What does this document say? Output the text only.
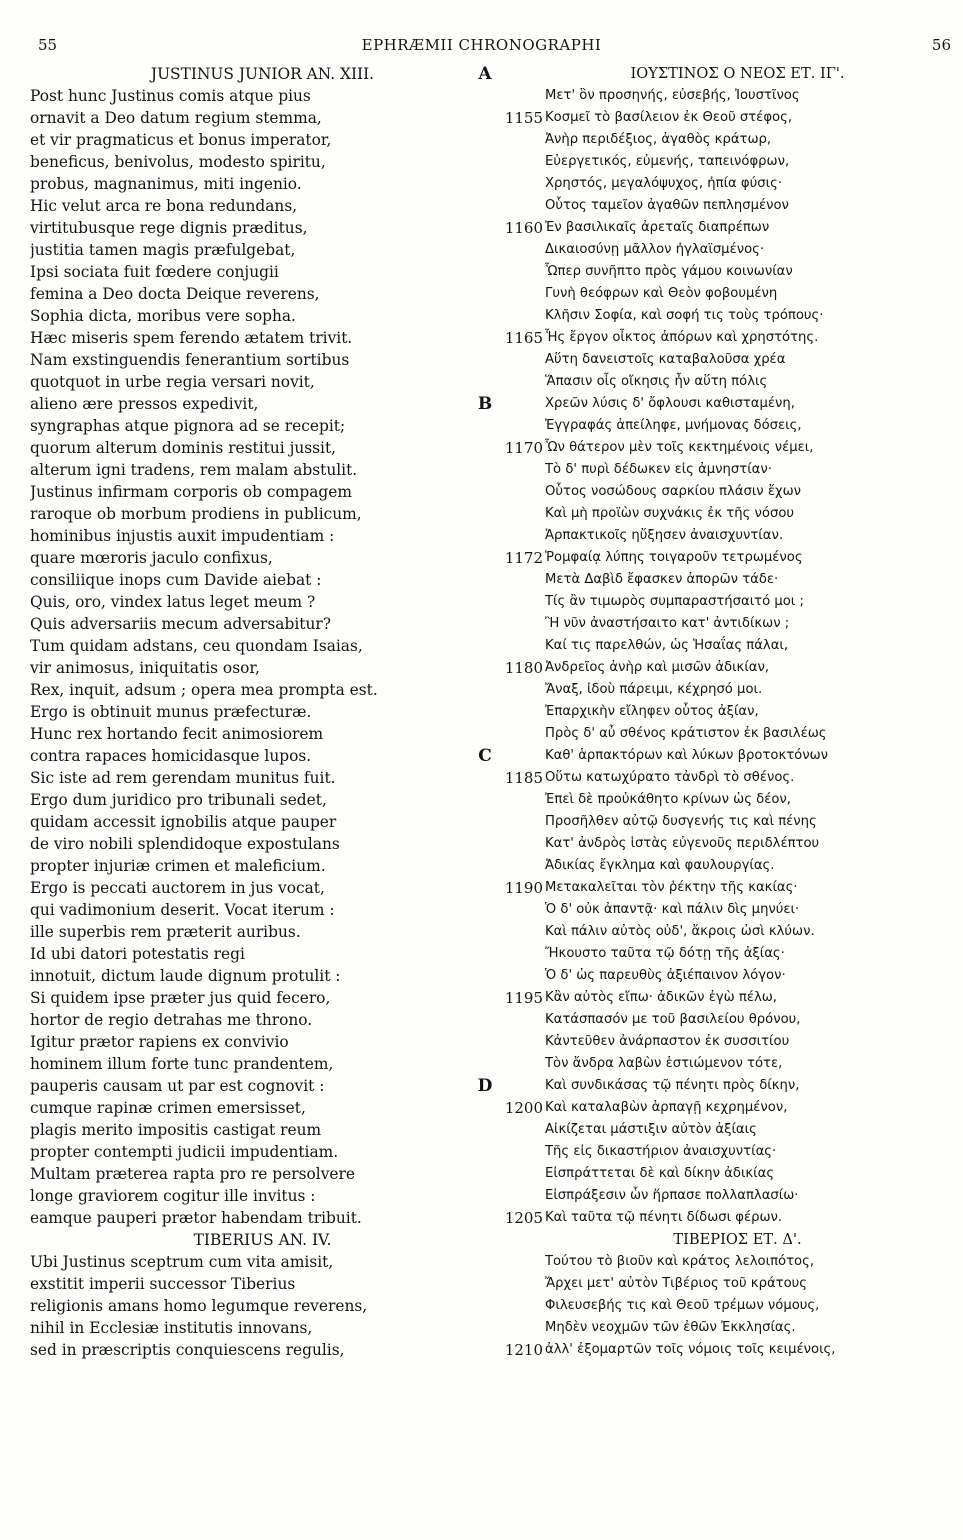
55	EPHRÆMII CHRONOGRAPHI	56
JUSTINUS JUNIOR AN. XIII.
Post hunc Justinus comis atque pius
ornavit a Deo datum regium stemma,
et vir pragmaticus et bonus imperator,
beneficus, benivolus, modesto spiritu,
probus, magnanimus, miti ingenio.
Hic velut arca re bona redundans,
virtitubusque rege dignis præditus,
justitia tamen magis præfulgebat,
Ipsi sociata fuit fœdere conjugii
femina a Deo docta Deique reverens,
Sophia dicta, moribus vere sopha.
Hæc miseris spem ferendo ætatem trivit.
Nam exstinguendis fenerantium sortibus
quotquot in urbe regia versari novit,
alieno ære pressos expedivit,
syngraphas atque pignora ad se recepit;
quorum alterum dominis restitui jussit,
alterum igni tradens, rem malam abstulit.
Justinus infirmam corporis ob compagem
raroque ob morbum prodiens in publicum,
hominibus injustis auxit impudentiam :
quare mœroris jaculo confixus,
consiliique inops cum Davide aiebat :
Quis, oro, vindex latus leget meum ?
Quis adversariis mecum adversabitur?
Tum quidam adstans, ceu quondam Isaias,
vir animosus, iniquitatis osor,
Rex, inquit, adsum ; opera mea prompta est.
Ergo is obtinuit munus præfecturæ.
Hunc rex hortando fecit animosiorem
contra rapaces homicidasque lupos.
Sic iste ad rem gerendam munitus fuit.
Ergo dum juridico pro tribunali sedet,
quidam accessit ignobilis atque pauper
de viro nobili splendidoque expostulans
propter injuriæ crimen et maleficium.
Ergo is peccati auctorem in jus vocat,
qui vadimonium deserit. Vocat iterum :
ille superbis rem præterit auribus.
Id ubi datori potestatis regi
innotuit, dictum laude dignum protulit :
Si quidem ipse præter jus quid fecero,
hortor de regio detrahas me throno.
Igitur prætor rapiens ex convivio
hominem illum forte tunc prandentem,
pauperis causam ut par est cognovit :
cumque rapinæ crimen emersisset,
plagis merito impositis castigat reum
propter contempti judicii impudentiam.
Multam præterea rapta pro re persolvere
longe graviorem cogitur ille invitus :
eamque pauperi prætor habendam tribuit.
TIBERIUS AN. IV.
Ubi Justinus sceptrum cum vita amisit,
exstitit imperii successor Tiberius
religionis amans homo legumque reverens,
nihil in Ecclesiæ institutis innovans,
sed in præscriptis conquiescens regulis,
A
B
C
D
1155
1160
1165
1170
1172
1180
1185
1190
1195
1200
1205
1210
ΙΟΥΣΤΙΝΟΣ Ο ΝΕΟΣ ΕΤ. ΙΓ'.
Μετ' ὃν προσηνής, εὐσεβής, Ἰουστῖνος
Κοσμεῖ τὸ βασίλειον ἐκ Θεοῦ στέφος,
Ἀνὴρ περιδέξιος, ἀγαθὸς κράτωρ,
Εὐεργετικός, εὐμενής, ταπεινόφρων,
Χρηστός, μεγαλόψυχος, ἠπία φύσις·
Οὗτος ταμεῖον ἀγαθῶν πεπλησμένον
Ἐν βασιλικαῖς ἀρεταῖς διαπρέπων
Δικαιοσύνῃ μᾶλλον ἠγλαϊσμένος·
Ὧπερ συνῆπτο πρὸς γάμου κοινωνίαν
Γυνὴ θεόφρων καὶ Θεὸν φοβουμένη
Κλῆσιν Σοφία, καὶ σοφή τις τοὺς τρόπους·
Ἧς ἔργον οἶκτος ἀπόρων καὶ χρηστότης.
Αὕτη δανειστοῖς καταβαλοῦσα χρέα
Ἅπασιν οἷς οἴκησις ἦν αὕτη πόλις
Χρεῶν λύσις δ' ὄφλουσι καθισταμένη,
Ἐγγραφάς ἀπείληφε, μνήμονας δόσεις,
Ὧν θάτερον μὲν τοῖς κεκτημένοις νέμει,
Τὸ δ' πυρὶ δέδωκεν εἰς ἀμνηστίαν·
Οὗτος νοσώδους σαρκίου πλάσιν ἔχων
Καὶ μὴ προϊὼν συχνάκις ἐκ τῆς νόσου
Ἁρπακτικοῖς ηὔξησεν ἀναισχυντίαν.
Ῥομφαίᾳ λύπης τοιγαροῦν τετρωμένος
Μετὰ Δαβὶδ ἔφασκεν ἀπορῶν τάδε·
Τίς ἂν τιμωρὸς συμπαραστήσαιτό μοι ;
Ἢ νῦν ἀναστήσαιτο κατ' ἀντιδίκων ;
Καί τις παρελθών, ὡς Ἡσαΐας πάλαι,
Ἀνδρεῖος ἀνὴρ καὶ μισῶν ἀδικίαν,
Ἄναξ, ἰδοὺ πάρειμι, κέχρησό μοι.
Ἐπαρχικὴν εἴληφεν οὗτος ἀξίαν,
Πρὸς δ' αὖ σθένος κράτιστον ἐκ βασιλέως
Καθ' ἁρπακτόρων καὶ λύκων βροτοκτόνων
Οὕτω κατωχύρατο τἀνδρὶ τὸ σθένος.
Ἐπεὶ δὲ προὐκάθητο κρίνων ὡς δέον,
Προσῆλθεν αὐτῷ δυσγενής τις καὶ πένης
Κατ' ἀνδρὸς ἱστὰς εὐγενοῦς περιδλέπτου
Ἀδικίας ἔγκλημα καὶ φαυλουργίας.
Μετακαλεῖται τὸν ῥέκτην τῆς κακίας·
Ὁ δ' οὐκ ἀπαντᾷ· καὶ πάλιν δὶς μηνύει·
Καὶ πάλιν αὐτὸς οὐδ', ἄκροις ὠσὶ κλύων.
Ἤκουστο ταῦτα τῷ δότῃ τῆς ἀξίας·
Ὁ δ' ὡς παρευθὺς ἀξιέπαινον λόγον·
Κἂν αὐτὸς εἴπω· ἀδικῶν ἐγὼ πέλω,
Κατάσπασόν με τοῦ βασιλείου θρόνου,
Κἀντεῦθεν ἀνάρπαστον ἐκ συσσιτίου
Τὸν ἄνδρα λαβὼν ἑστιώμενον τότε,
Καὶ συνδικάσας τῷ πένητι πρὸς δίκην,
Καὶ καταλαβὼν ἁρπαγῇ κεχρημένον,
Αἰκίζεται μάστιξιν αὐτὸν ἀξίαις
Τῆς εἰς δικαστήριον ἀναισχυντίας·
Εἰσπράττεται δὲ καὶ δίκην ἀδικίας
Εἰσπράξεσιν ὧν ἥρπασε πολλαπλασίω·
Καὶ ταῦτα τῷ πένητι δίδωσι φέρων.
ΤΙΒΕΡΙΟΣ ΕΤ. Δ'.
Τούτου τὸ βιοῦν καὶ κράτος λελοιπότος,
Ἄρχει μετ' αὐτὸν Τιβέριος τοῦ κράτους
Φιλευσεβής τις καὶ Θεοῦ τρέμων νόμους,
Μηδὲν νεοχμῶν τῶν ἐθῶν Ἐκκλησίας.
ἀλλ' ἐξομαρτῶν τοῖς νόμοις τοῖς κειμένοις,
